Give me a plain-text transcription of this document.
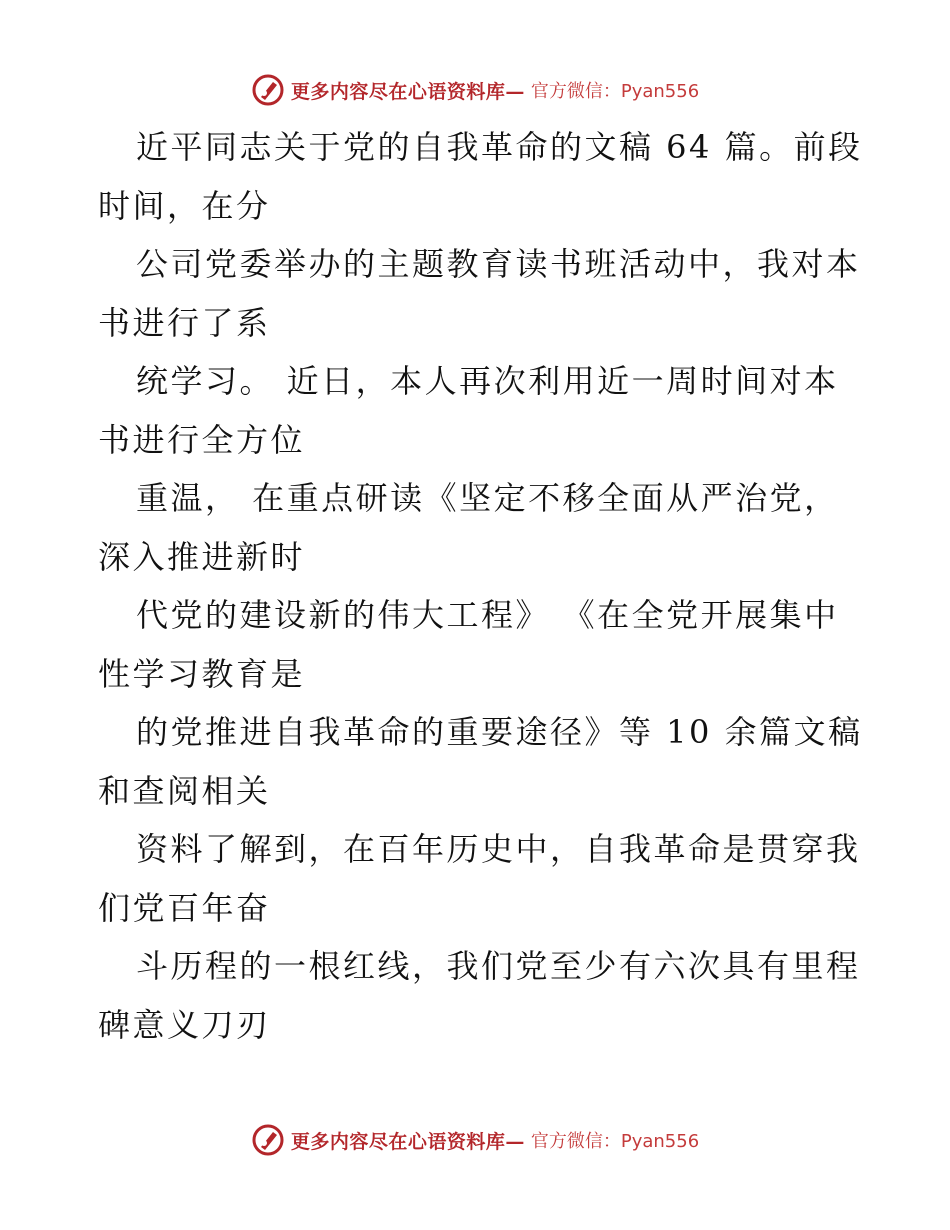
更多内容尽在心语资料库— 官方微信：Pyan556
近平同志关于党的自我革命的文稿 64 篇。前段
时间，在分
公司党委举办的主题教育读书班活动中，我对本
书进行了系
统学习。 近日，本人再次利用近一周时间对本
书进行全方位
重温， 在重点研读《坚定不移全面从严治党，
深入推进新时
代党的建设新的伟大工程》 《在全党开展集中
性学习教育是
的党推进自我革命的重要途径》等 10 余篇文稿
和查阅相关
资料了解到，在百年历史中，自我革命是贯穿我
们党百年奋
斗历程的一根红线，我们党至少有六次具有里程
碑意义刀刃
更多内容尽在心语资料库— 官方微信：Pyan556
